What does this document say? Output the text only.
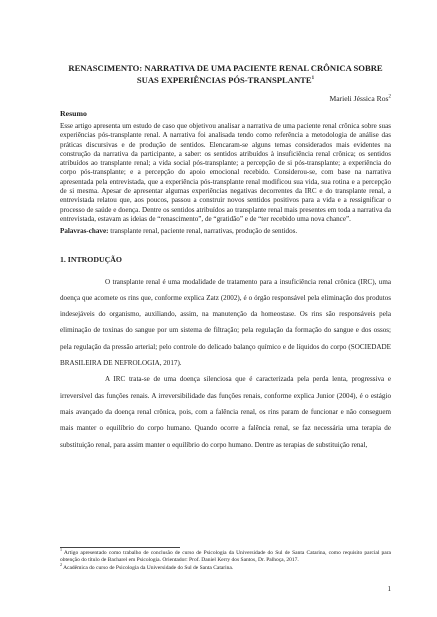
RENASCIMENTO: NARRATIVA DE UMA PACIENTE RENAL CRÔNICA SOBRE
SUAS EXPERIÊNCIAS PÓS-TRANSPLANTE$^1$

Marieli Jéssica Ros$^2$

Resumo

Esse artigo apresenta um estudo de caso que objetivou analisar a narrativa de uma paciente renal crônica sobre suas experiências pós-transplante renal. A narrativa foi analisada tendo como referência a metodologia de análise das práticas discursivas e de produção de sentidos. Elencaram-se alguns temas considerados mais evidentes na construção da narrativa da participante, a saber: os sentidos atribuídos à insuficiência renal crônica; os sentidos atribuídos ao transplante renal; a vida social pós-transplante; a percepção de si pós-transplante; a experiência do corpo pós-transplante; e a percepção do apoio emocional recebido. Considerou-se, com base na narrativa apresentada pela entrevistada, que a experiência pós-transplante renal modificou sua vida, sua rotina e a percepção de si mesma. Apesar de apresentar algumas experiências negativas decorrentes da IRC e do transplante renal, a entrevistada relatou que, aos poucos, passou a construir novos sentidos positivos para a vida e a ressignificar o processo de saúde e doença. Dentre os sentidos atribuídos ao transplante renal mais presentes em toda a narrativa da entrevistada, estavam as ideias de “renascimento”, de “gratidão” e de “ter recebido uma nova chance”.

Palavras-chave: transplante renal, paciente renal, narrativas, produção de sentidos.

1. INTRODUÇÃO

O transplante renal é uma modalidade de tratamento para a insuficiência renal crônica (IRC), uma doença que acomete os rins que, conforme explica Zatz (2002), é o órgão responsável pela eliminação dos produtos indesejáveis do organismo, auxiliando, assim, na manutenção da homeostase. Os rins são responsáveis pela eliminação de toxinas do sangue por um sistema de filtração; pela regulação da formação do sangue e dos ossos; pela regulação da pressão arterial; pelo controle do delicado balanço químico e de líquidos do corpo (SOCIEDADE BRASILEIRA DE NEFROLOGIA, 2017).

A IRC trata-se de uma doença silenciosa que é caracterizada pela perda lenta, progressiva e irreversível das funções renais. A irreversibilidade das funções renais, conforme explica Junior (2004), é o estágio mais avançado da doença renal crônica, pois, com a falência renal, os rins param de funcionar e não conseguem mais manter o equilíbrio do corpo humano. Quando ocorre a falência renal, se faz necessária uma terapia de substituição renal, para assim manter o equilíbrio do corpo humano. Dentre as terapias de substituição renal,

$^1$ Artigo apresentado como trabalho de conclusão de curso de Psicologia da Universidade do Sul de Santa Catarina, como requisito parcial para obtenção do título de Bacharel em Psicologia. Orientador: Prof. Daniel Kerry dos Santos, Dr. Palhoça, 2017.

$^2$ Acadêmica do curso de Psicologia da Universidade do Sul de Santa Catarina.

1
